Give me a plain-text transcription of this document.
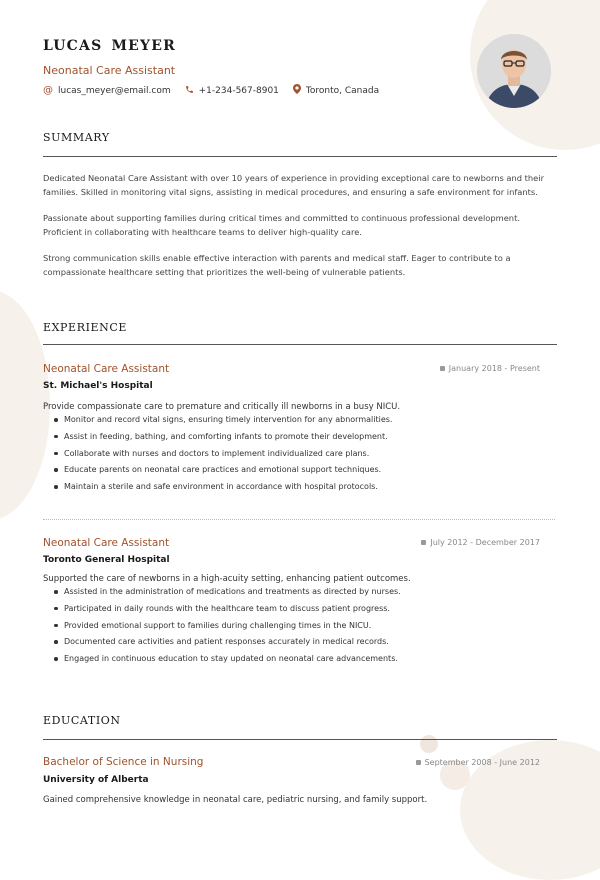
LUCAS MEYER
Neonatal Care Assistant
@ lucas_meyer@email.com	+1-234-567-8901	Toronto, Canada
SUMMARY

Dedicated Neonatal Care Assistant with over 10 years of experience in providing exceptional care to newborns and their families. Skilled in monitoring vital signs, assisting in medical procedures, and ensuring a safe environment for infants.

Passionate about supporting families during critical times and committed to continuous professional development. Proficient in collaborating with healthcare teams to deliver high-quality care.

Strong communication skills enable effective interaction with parents and medical staff. Eager to contribute to a compassionate healthcare setting that prioritizes the well-being of vulnerable patients.

EXPERIENCE
Neonatal Care Assistant	January 2018 - Present
St. Michael's Hospital
Provide compassionate care to premature and critically ill newborns in a busy NICU.
Monitor and record vital signs, ensuring timely intervention for any abnormalities.
Assist in feeding, bathing, and comforting infants to promote their development.
Collaborate with nurses and doctors to implement individualized care plans.
Educate parents on neonatal care practices and emotional support techniques.
Maintain a sterile and safe environment in accordance with hospital protocols.
Neonatal Care Assistant	July 2012 - December 2017
Toronto General Hospital
Supported the care of newborns in a high-acuity setting, enhancing patient outcomes.
Assisted in the administration of medications and treatments as directed by nurses.
Participated in daily rounds with the healthcare team to discuss patient progress.
Provided emotional support to families during challenging times in the NICU.
Documented care activities and patient responses accurately in medical records.
Engaged in continuous education to stay updated on neonatal care advancements.
EDUCATION
Bachelor of Science in Nursing	September 2008 - June 2012
University of Alberta
Gained comprehensive knowledge in neonatal care, pediatric nursing, and family support.
